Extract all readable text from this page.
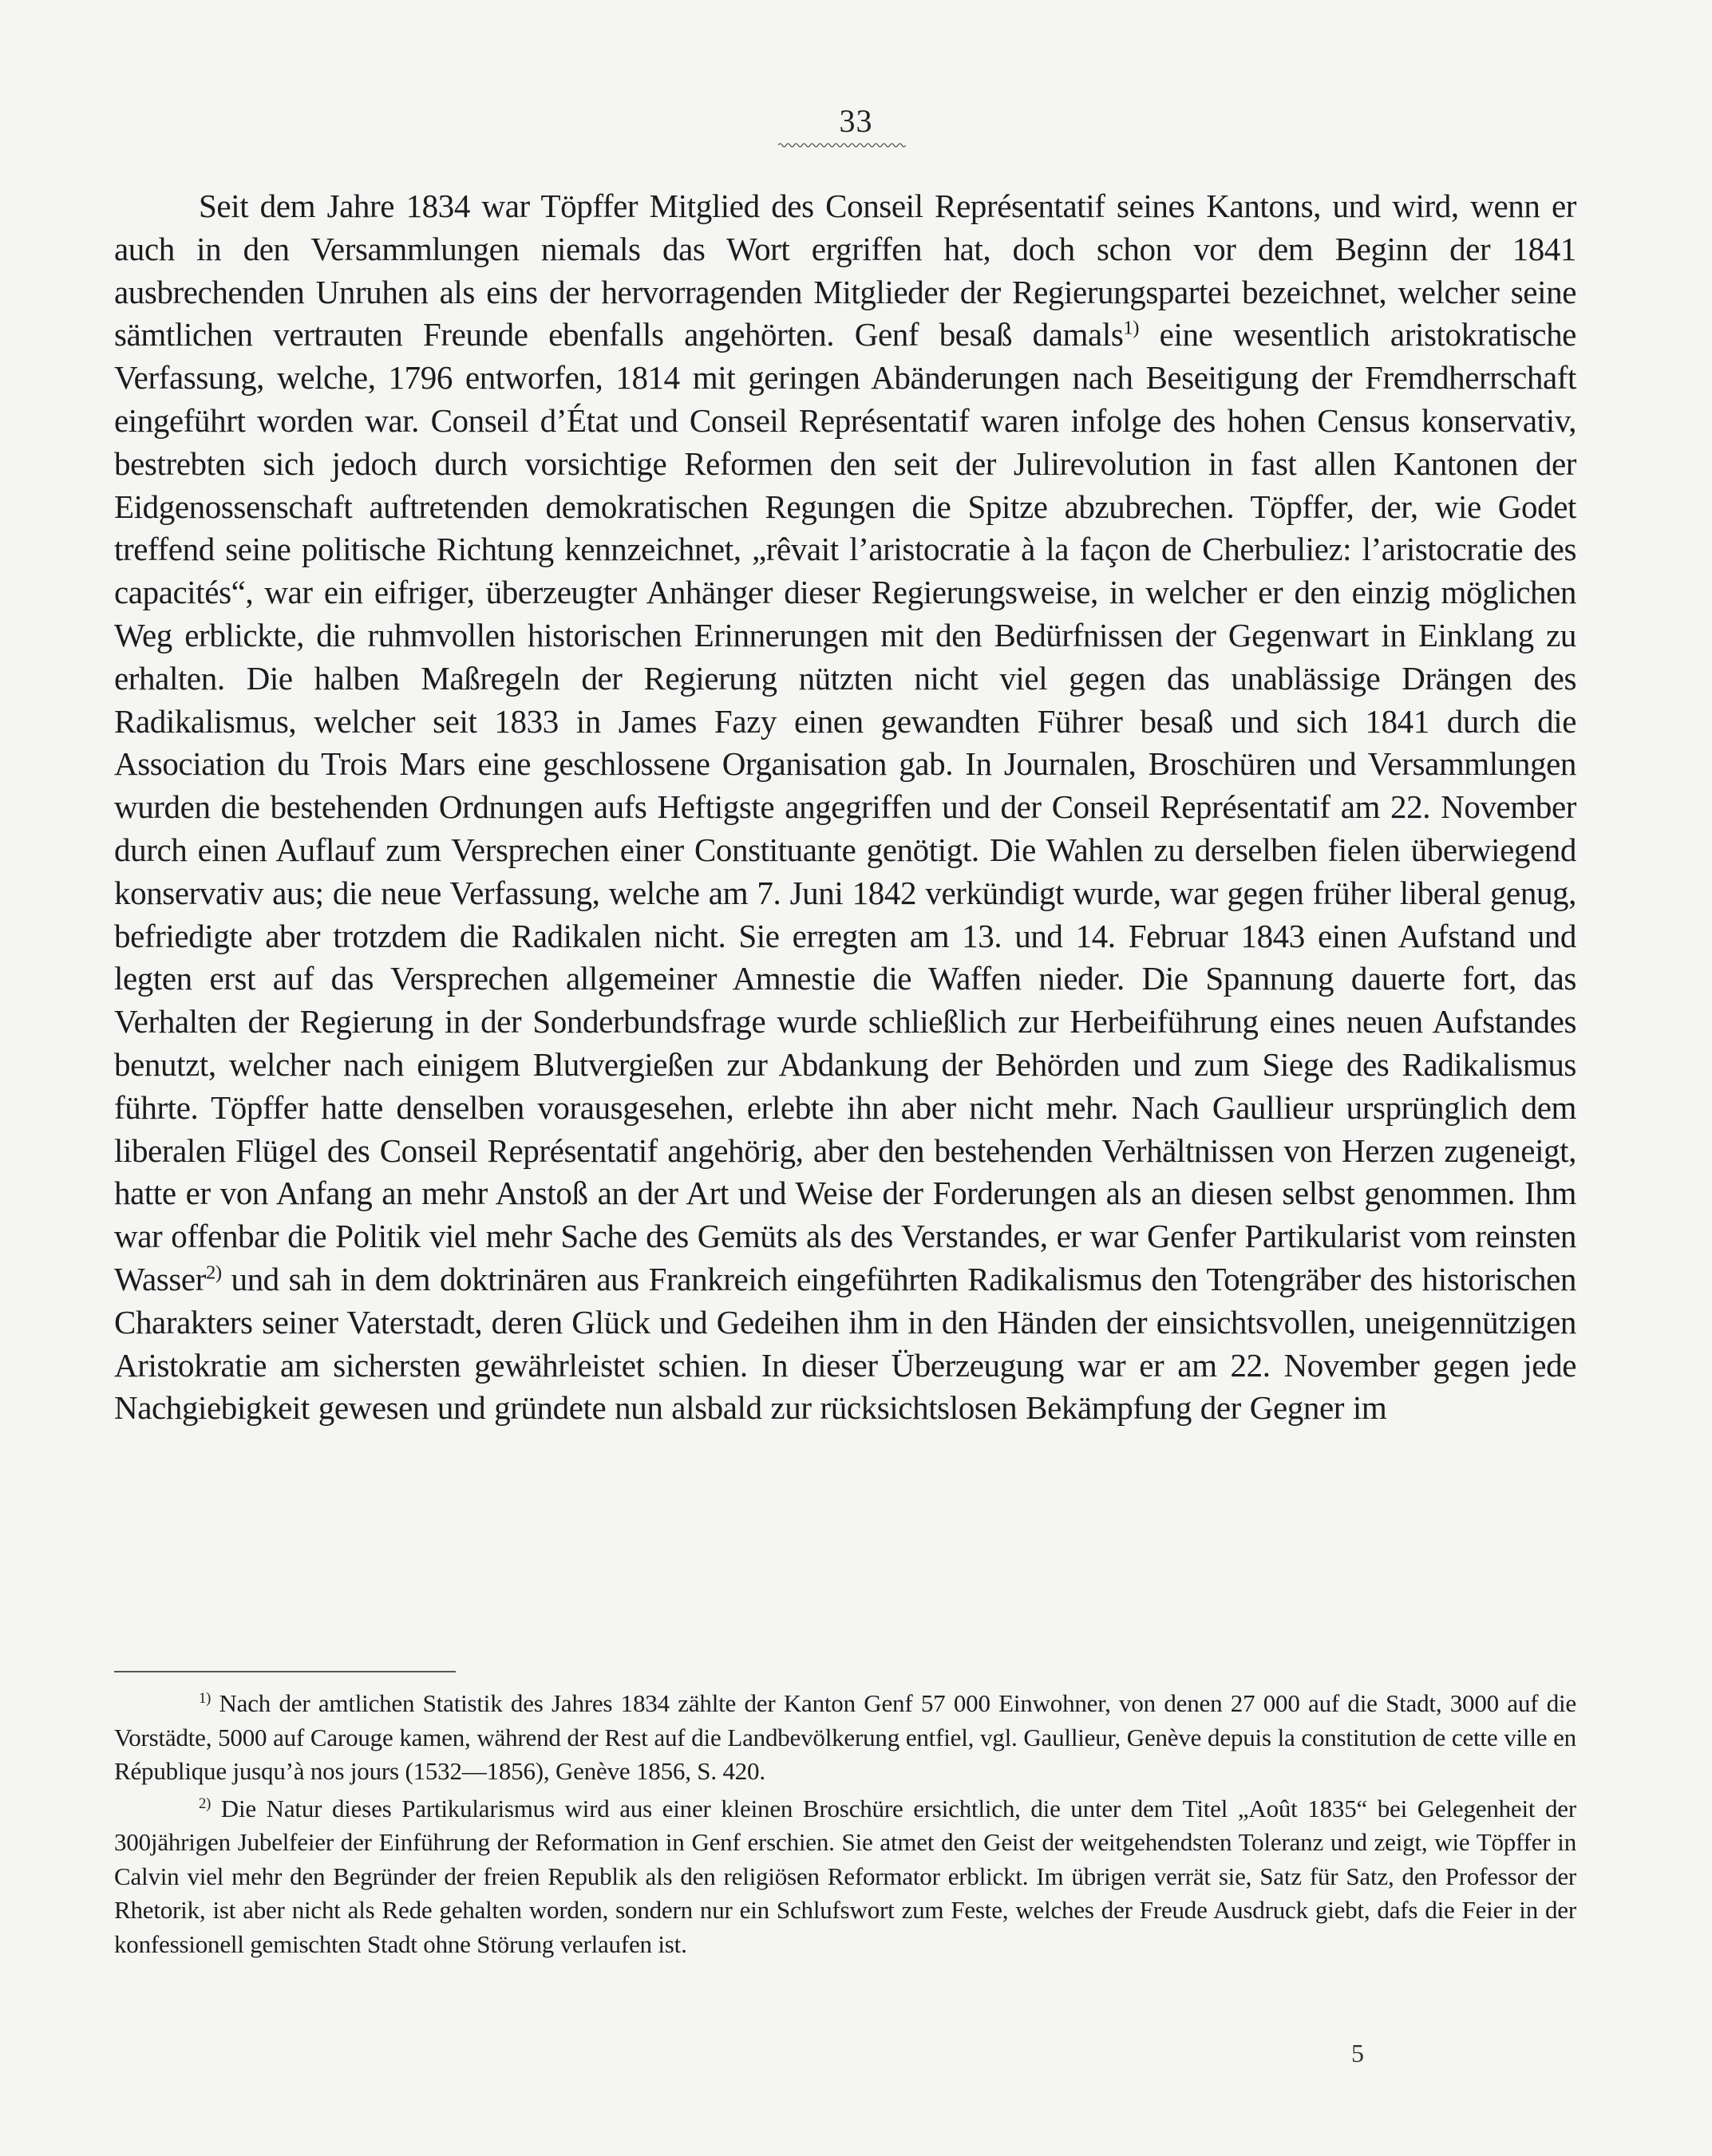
33

Seit dem Jahre 1834 war Töpffer Mitglied des Conseil Représentatif seines Kantons, und wird, wenn er auch in den Versammlungen niemals das Wort ergriffen hat, doch schon vor dem Beginn der 1841 ausbrechenden Unruhen als eins der hervorragenden Mitglieder der Regierungspartei bezeichnet, welcher seine sämtlichen vertrauten Freunde ebenfalls angehörten. Genf besaß damals$^{1)}$ eine wesentlich aristokratische Verfassung, welche, 1796 entworfen, 1814 mit geringen Abänderungen nach Beseitigung der Fremdherrschaft eingeführt worden war. Conseil d’État und Conseil Représentatif waren infolge des hohen Census konservativ, bestrebten sich jedoch durch vorsichtige Reformen den seit der Julirevolution in fast allen Kantonen der Eidgenossenschaft auftretenden demokratischen Regungen die Spitze abzubrechen. Töpffer, der, wie Godet treffend seine politische Richtung kennzeichnet, „rêvait l’aristocratie à la façon de Cherbuliez: l’aristocratie des capacités“, war ein eifriger, überzeugter Anhänger dieser Regierungsweise, in welcher er den einzig möglichen Weg erblickte, die ruhmvollen historischen Erinnerungen mit den Bedürfnissen der Gegenwart in Einklang zu erhalten. Die halben Maßregeln der Regierung nützten nicht viel gegen das unablässige Drängen des Radikalismus, welcher seit 1833 in James Fazy einen gewandten Führer besaß und sich 1841 durch die Association du Trois Mars eine geschlossene Organisation gab. In Journalen, Broschüren und Versammlungen wurden die bestehenden Ordnungen aufs Heftigste angegriffen und der Conseil Représentatif am 22. November durch einen Auflauf zum Versprechen einer Constituante genötigt. Die Wahlen zu derselben fielen überwiegend konservativ aus; die neue Verfassung, welche am 7. Juni 1842 verkündigt wurde, war gegen früher liberal genug, befriedigte aber trotzdem die Radikalen nicht. Sie erregten am 13. und 14. Februar 1843 einen Aufstand und legten erst auf das Versprechen allgemeiner Amnestie die Waffen nieder. Die Spannung dauerte fort, das Verhalten der Regierung in der Sonderbundsfrage wurde schließlich zur Herbeiführung eines neuen Aufstandes benutzt, welcher nach einigem Blutvergießen zur Abdankung der Behörden und zum Siege des Radikalismus führte. Töpffer hatte denselben vorausgesehen, erlebte ihn aber nicht mehr. Nach Gaullieur ursprünglich dem liberalen Flügel des Conseil Représentatif angehörig, aber den bestehenden Verhältnissen von Herzen zugeneigt, hatte er von Anfang an mehr Anstoß an der Art und Weise der Forderungen als an diesen selbst genommen. Ihm war offenbar die Politik viel mehr Sache des Gemüts als des Verstandes, er war Genfer Partikularist vom reinsten Wasser$^{2)}$ und sah in dem doktrinären aus Frankreich eingeführten Radikalismus den Totengräber des historischen Charakters seiner Vaterstadt, deren Glück und Gedeihen ihm in den Händen der einsichtsvollen, uneigennützigen Aristokratie am sichersten gewährleistet schien. In dieser Überzeugung war er am 22. November gegen jede Nachgiebigkeit gewesen und gründete nun alsbald zur rücksichtslosen Bekämpfung der Gegner im

$^{1)}$ Nach der amtlichen Statistik des Jahres 1834 zählte der Kanton Genf 57 000 Einwohner, von denen 27 000 auf die Stadt, 3000 auf die Vorstädte, 5000 auf Carouge kamen, während der Rest auf die Landbevölkerung entfiel, vgl. Gaullieur, Genève depuis la constitution de cette ville en République jusqu’à nos jours (1532—1856), Genève 1856, S. 420.

$^{2)}$ Die Natur dieses Partikularismus wird aus einer kleinen Broschüre ersichtlich, die unter dem Titel „Août 1835“ bei Gelegenheit der 300jährigen Jubelfeier der Einführung der Reformation in Genf erschien. Sie atmet den Geist der weitgehendsten Toleranz und zeigt, wie Töpffer in Calvin viel mehr den Begründer der freien Republik als den religiösen Reformator erblickt. Im übrigen verrät sie, Satz für Satz, den Professor der Rhetorik, ist aber nicht als Rede gehalten worden, sondern nur ein Schlufswort zum Feste, welches der Freude Ausdruck giebt, dafs die Feier in der konfessionell gemischten Stadt ohne Störung verlaufen ist.

5
